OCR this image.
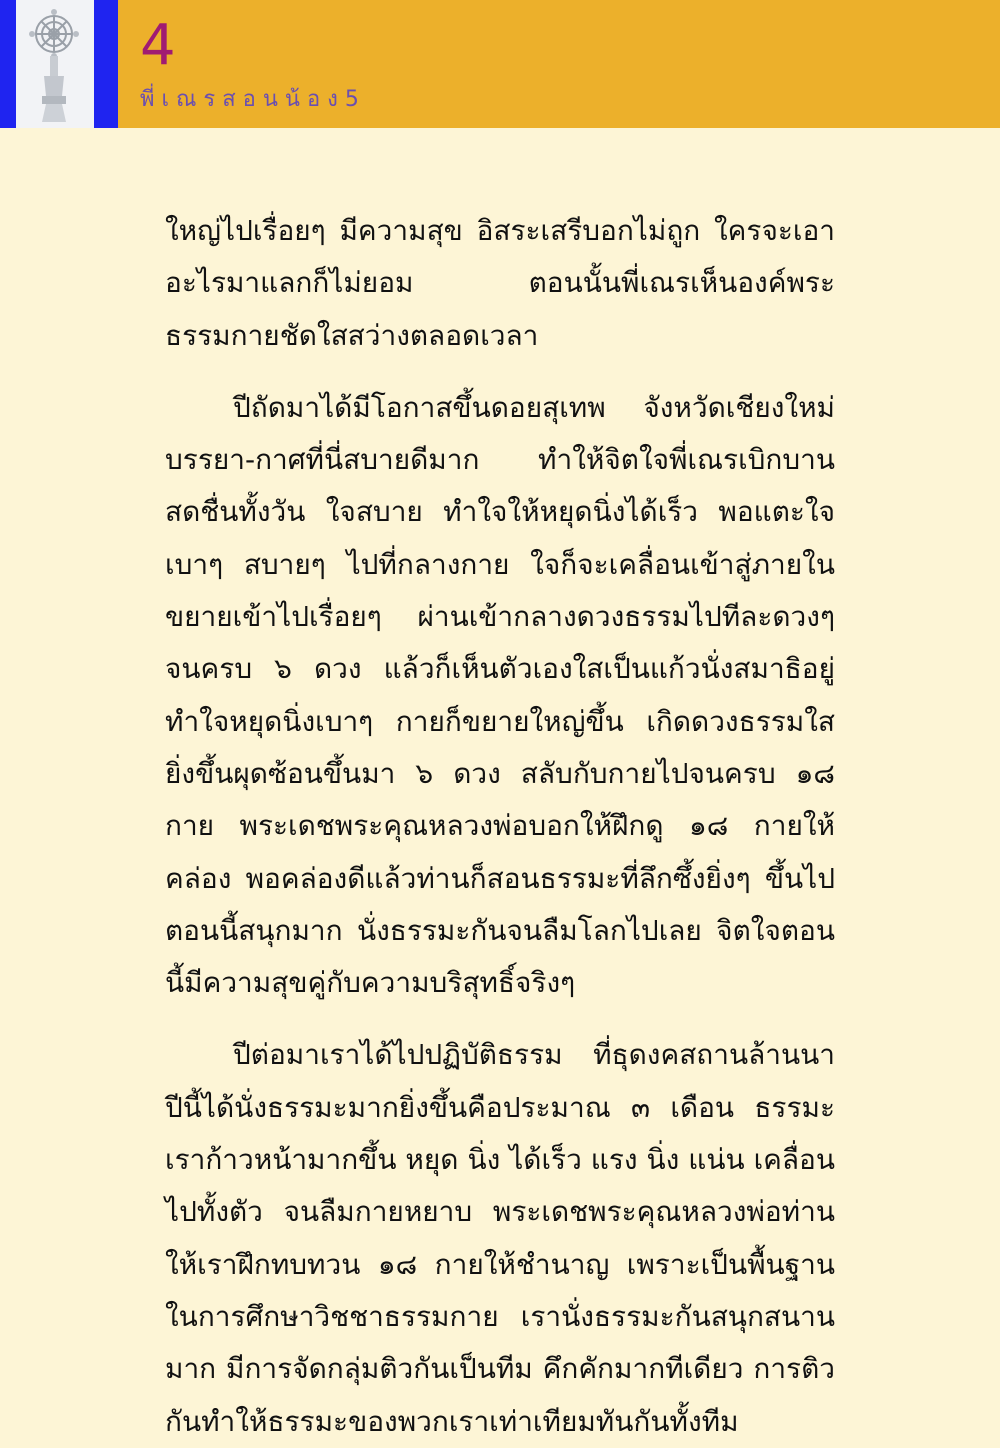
4
พี่เณรสอนน้อง5

ใหญ่ไปเรื่อยๆ มีความสุข อิสระเสรีบอกไม่ถูก ใครจะเอาอะไรมาแลกก็ไม่ยอม ตอนนั้นพี่เณรเห็นองค์พระธรรมกายชัดใสสว่างตลอดเวลา

ปีถัดมาได้มีโอกาสขึ้นดอยสุเทพ จังหวัดเชียงใหม่ บรรยา-กาศที่นี่สบายดีมาก ทำให้จิตใจพี่เณรเบิกบานสดชื่นทั้งวัน ใจสบาย ทำใจให้หยุดนิ่งได้เร็ว พอแตะใจเบาๆ สบายๆ ไปที่กลางกาย ใจก็จะเคลื่อนเข้าสู่ภายในขยายเข้าไปเรื่อยๆ ผ่านเข้ากลางดวงธรรมไปทีละดวงๆ จนครบ ๖ ดวง แล้วก็เห็นตัวเองใสเป็นแก้วนั่งสมาธิอยู่ ทำใจหยุดนิ่งเบาๆ กายก็ขยายใหญ่ขึ้น เกิดดวงธรรมใสยิ่งขึ้นผุดซ้อนขึ้นมา ๖ ดวง สลับกับกายไปจนครบ ๑๘ กาย พระเดชพระคุณหลวงพ่อบอกให้ฝึกดู ๑๘ กายให้คล่อง พอคล่องดีแล้วท่านก็สอนธรรมะที่ลึกซึ้งยิ่งๆ ขึ้นไป ตอนนี้สนุกมาก นั่งธรรมะกันจนลืมโลกไปเลย จิตใจตอนนี้มีความสุขคู่กับความบริสุทธิ์จริงๆ

ปีต่อมาเราได้ไปปฏิบัติธรรม ที่ธุดงคสถานล้านนา ปีนี้ได้นั่งธรรมะมากยิ่งขึ้นคือประมาณ ๓ เดือน ธรรมะเราก้าวหน้ามากขึ้น หยุด นิ่ง ได้เร็ว แรง นิ่ง แน่น เคลื่อนไปทั้งตัว จนลืมกายหยาบ พระเดชพระคุณหลวงพ่อท่านให้เราฝึกทบทวน ๑๘ กายให้ชำนาญ เพราะเป็นพื้นฐานในการศึกษาวิชชาธรรมกาย เรานั่งธรรมะกันสนุกสนานมาก มีการจัดกลุ่มติวกันเป็นทีม คึกคักมากทีเดียว การติวกันทำให้ธรรมะของพวกเราเท่าเทียมทันกันทั้งทีม
